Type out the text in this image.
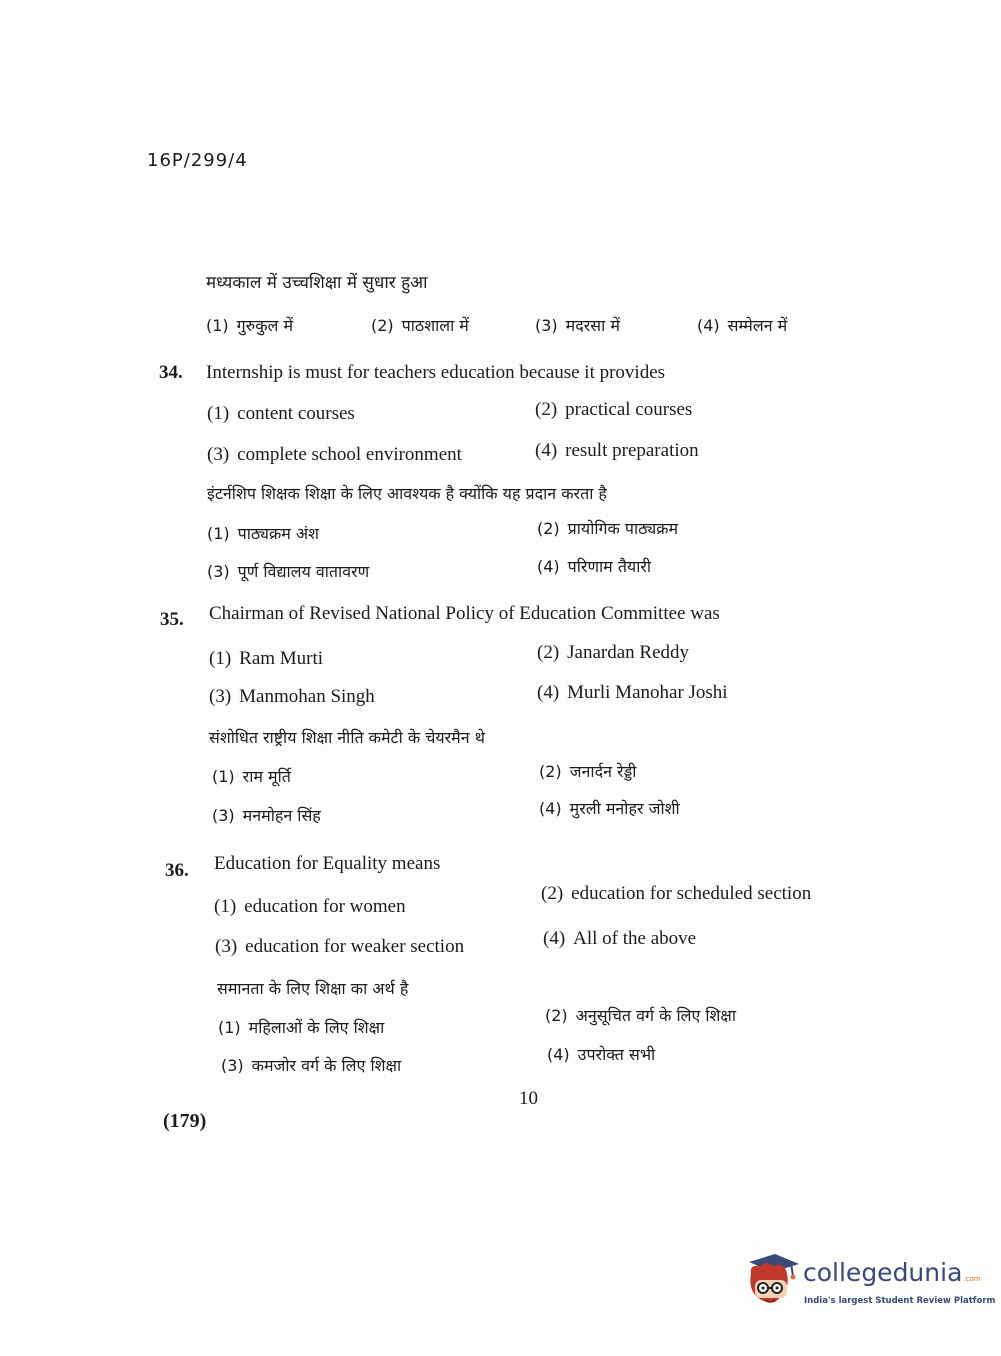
16P/299/4
मध्यकाल में उच्चशिक्षा में सुधार हुआ
(1) गुरुकुल में	(2) पाठशाला में	(3) मदरसा में	(4) सम्मेलन में
34. Internship is must for teachers education because it provides
(1) content courses	(2) practical courses
(3) complete school environment	(4) result preparation
इंटर्नशिप शिक्षक शिक्षा के लिए आवश्यक है क्योंकि यह प्रदान करता है
(1) पाठ्यक्रम अंश	(2) प्रायोगिक पाठ्यक्रम
(3) पूर्ण विद्यालय वातावरण	(4) परिणाम तैयारी
35. Chairman of Revised National Policy of Education Committee was
(1) Ram Murti	(2) Janardan Reddy
(3) Manmohan Singh	(4) Murli Manohar Joshi
संशोधित राष्ट्रीय शिक्षा नीति कमेटी के चेयरमैन थे
(1) राम मूर्ति	(2) जनार्दन रेड्डी
(3) मनमोहन सिंह	(4) मुरली मनोहर जोशी
36. Education for Equality means
(1) education for women
(2) education for scheduled section
(3) education for weaker section	(4) All of the above
समानता के लिए शिक्षा का अर्थ है
(1) महिलाओं के लिए शिक्षा
(2) अनुसूचित वर्ग के लिए शिक्षा
(3) कमजोर वर्ग के लिए शिक्षा
(4) उपरोक्त सभी
10
(179)
collegedunia.com
India's largest Student Review Platform
